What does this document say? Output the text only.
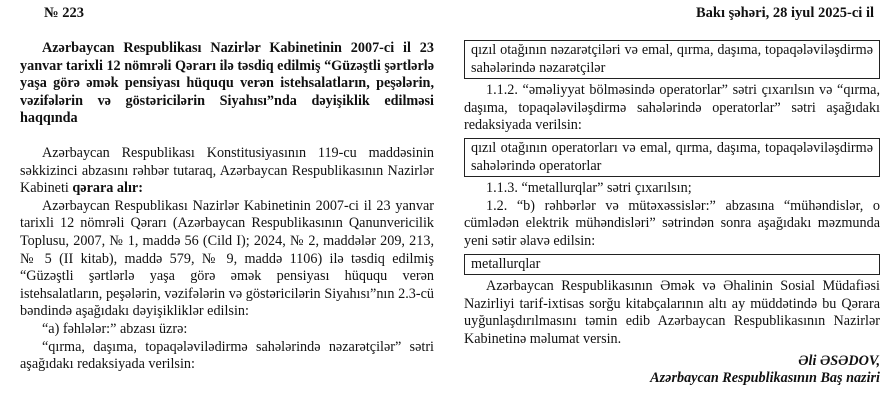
№ 223	Bakı şəhəri, 28 iyul 2025-ci il

Azərbaycan Respublikası Nazirlər Kabinetinin 2007-ci il 23 yanvar tarixli 12 nömrəli Qərarı ilə təsdiq edilmiş “Güzəştli şərtlərlə yaşa görə əmək pensiyası hüququ verən istehsalatların, peşələrin, vəzifələrin və göstəricilərin Siyahısı”nda dəyişiklik edilməsi haqqında

Azərbaycan Respublikası Konstitusiyasının 119-cu maddəsinin səkkizinci abzasını rəhbər tutaraq, Azərbaycan Respublikasının Nazirlər Kabineti qərara alır:

Azərbaycan Respublikası Nazirlər Kabinetinin 2007-ci il 23 yanvar tarixli 12 nömrəli Qərarı (Azərbaycan Respublikasının Qanunvericilik Toplusu, 2007, № 1, maddə 56 (Cild I); 2024, № 2, maddələr 209, 213, № 5 (II kitab), maddə 579, № 9, maddə 1106) ilə təsdiq edilmiş “Güzəştli şərtlərlə yaşa görə əmək pensiyası hüququ verən istehsalatların, peşələrin, vəzifələrin və göstəricilərin Siyahısı”nın 2.3-cü bəndində aşağıdakı dəyişikliklər edilsin:

“a) fəhlələr:” abzası üzrə:

“qırma, daşıma, topaqələvilədirmə sahələrində nəzarətçilər” sətri aşağıdakı redaksiyada verilsin:

qızıl otağının nəzarətçiləri və emal, qırma, daşıma, topaqələviləşdirmə sahələrində nəzarətçilər

1.1.2. “əməliyyat bölməsində operatorlar” sətri çıxarılsın və “qırma, daşıma, topaqələviləşdirmə sahələrində operatorlar” sətri aşağıdakı redaksiyada verilsin:

qızıl otağının operatorları və emal, qırma, daşıma, topaqələviləşdirmə sahələrində operatorlar

1.1.3. “metallurqlar” sətri çıxarılsın;

1.2. “b) rəhbərlər və mütəxəssislər:” abzasına “mühəndislər, o cümlədən elektrik mühəndisləri” sətrindən sonra aşağıdakı məzmunda yeni sətir əlavə edilsin:

metallurqlar

Azərbaycan Respublikasının Əmək və Əhalinin Sosial Müdafiəsi Nazirliyi tarif-ixtisas sorğu kitabçalarının altı ay müddətində bu Qərara uyğunlaşdırılmasını təmin edib Azərbaycan Respublikasının Nazirlər Kabinetinə məlumat versin.

Əli ƏSƏDOV,
Azərbaycan Respublikasının Baş naziri
